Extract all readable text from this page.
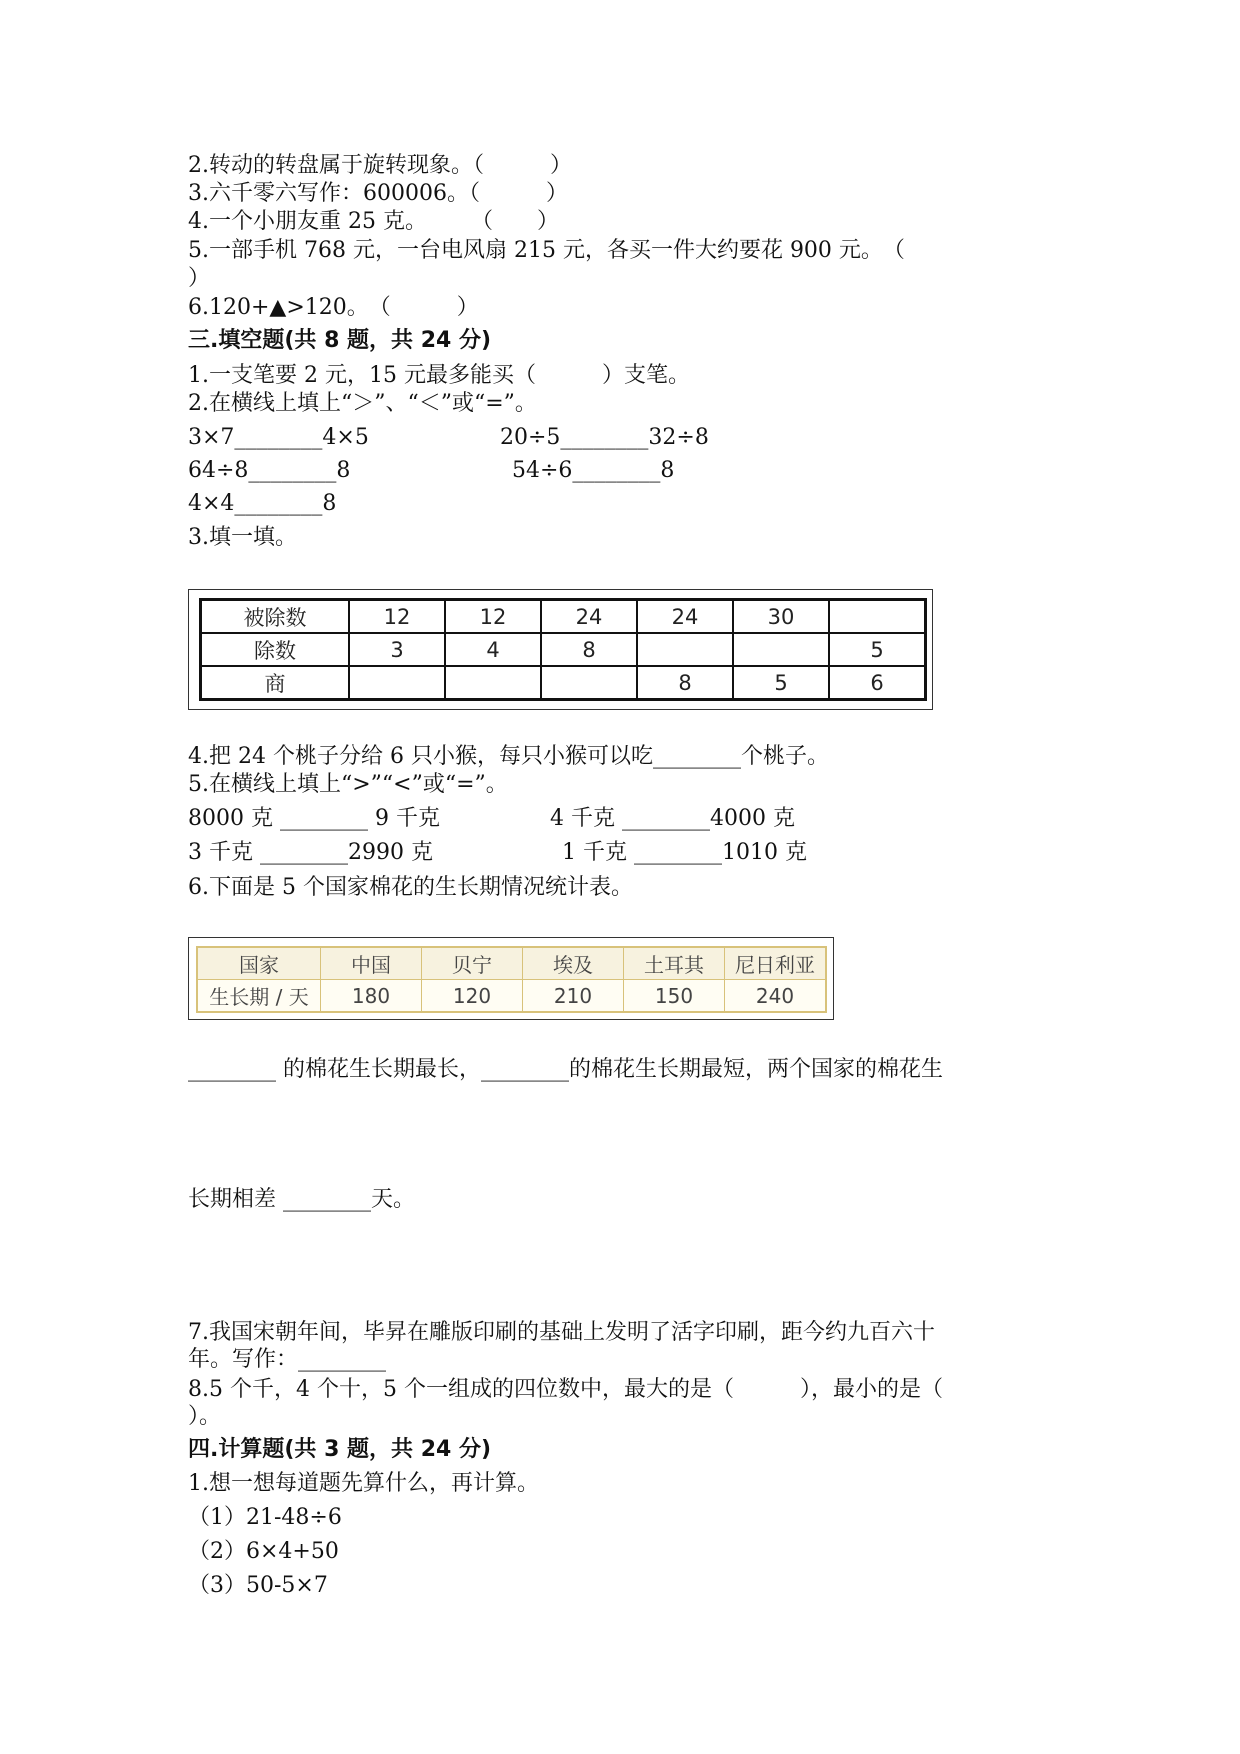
2.转动的转盘属于旋转现象。（　　　）
3.六千零六写作：600006。（　　　）
4.一个小朋友重 25 克。　　　（　　）
5.一部手机 768 元，一台电风扇 215 元，各买一件大约要花 900 元。　（
）
6.120+▲>120。　（　　　）
三.填空题(共 8 题，共 24 分)
1.一支笔要 2 元，15 元最多能买（　　　）支笔。
2.在横线上填上“＞”、“＜”或“=”。
3×7________4×5	20÷5________32÷8
64÷8________8	54÷6________8
4×4________8
3.填一填。
被除数	12	12	24	24	30	
除数	3	4	8			5
商				8	5	6
4.把 24 个桃子分给 6 只小猴，每只小猴可以吃________个桃子。
5.在横线上填上“>”“<”或“=”。
8000 克 ________ 9 千克	4 千克 ________4000 克
3 千克 ________2990 克	1 千克 ________1010 克
6.下面是 5 个国家棉花的生长期情况统计表。
国家	中国	贝宁	埃及	土耳其	尼日利亚
生长期 / 天	180	120	210	150	240
________ 的棉花生长期最长，________的棉花生长期最短，两个国家的棉花生
长期相差 ________天。
7.我国宋朝年间，毕昇在雕版印刷的基础上发明了活字印刷，距今约九百六十
年。写作：________
8.5 个千，4 个十，5 个一组成的四位数中，最大的是（　　　），最小的是（
）。
四.计算题(共 3 题，共 24 分)
1.想一想每道题先算什么，再计算。
（1）21-48÷6
（2）6×4+50
（3）50-5×7
